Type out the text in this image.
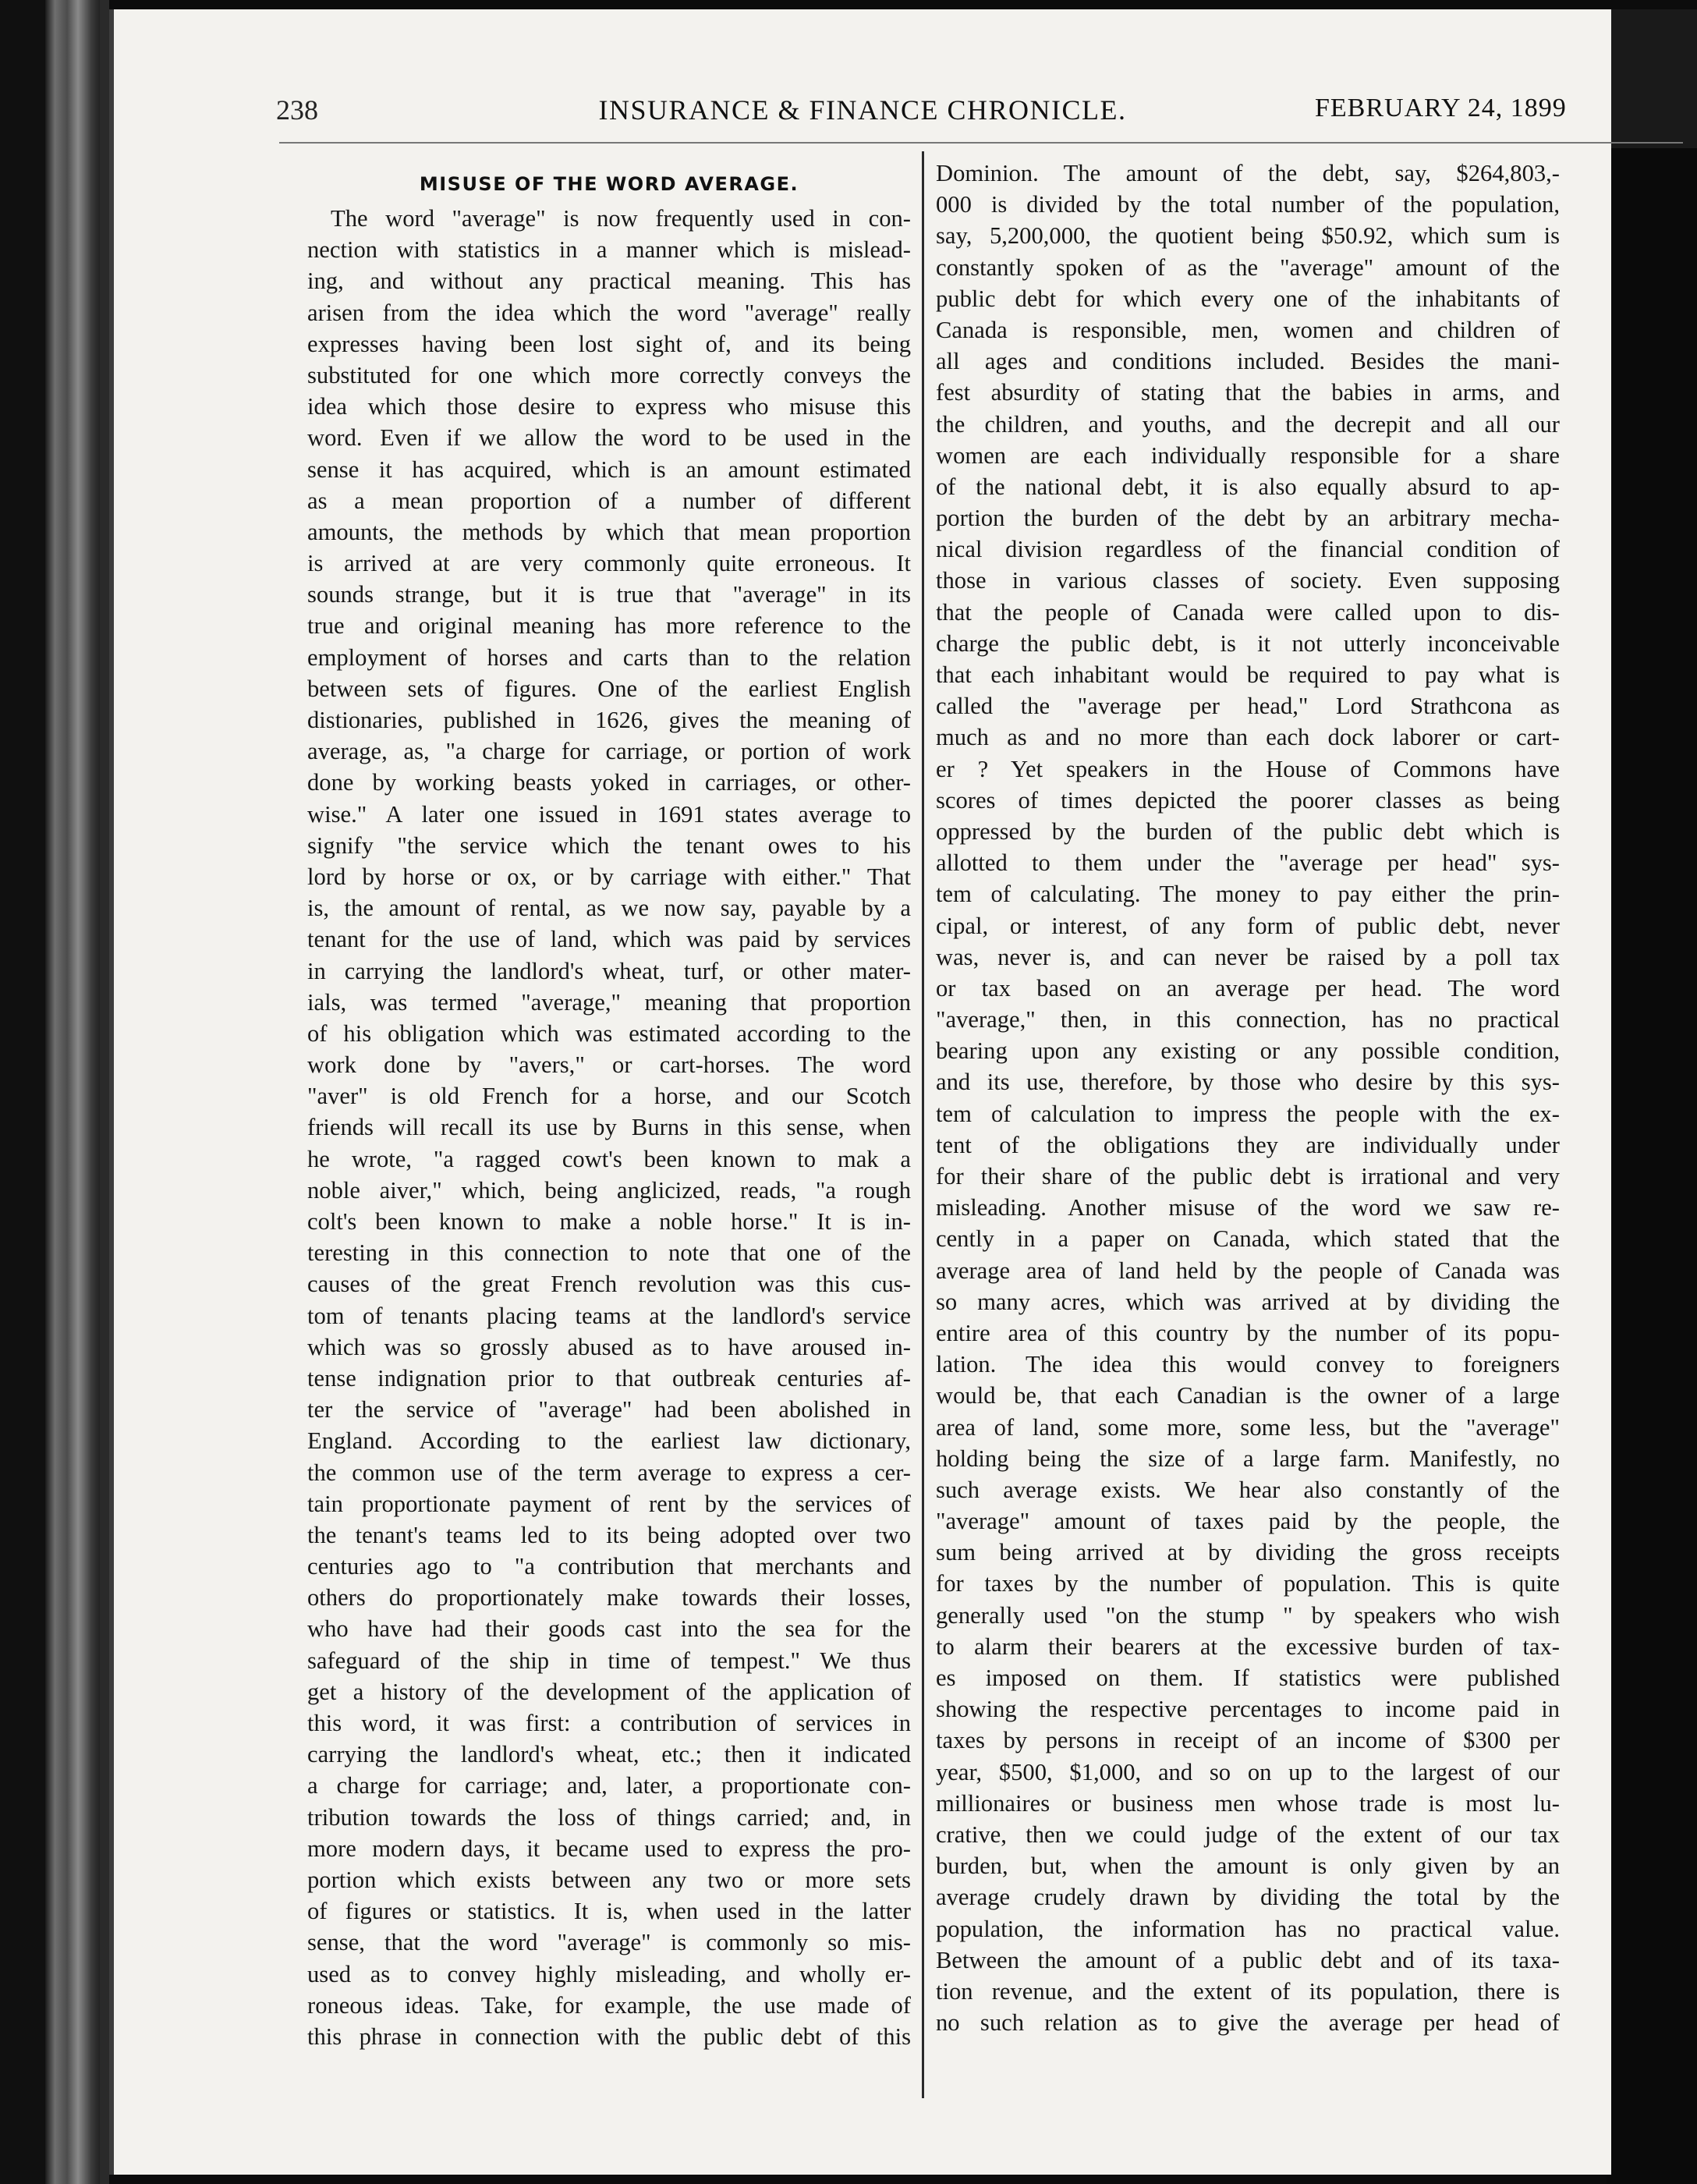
238	INSURANCE & FINANCE CHRONICLE.	FEBRUARY 24, 1899
MISUSE OF THE WORD AVERAGE.
The word "average" is now frequently used in con-
nection with statistics in a manner which is mislead-
ing, and without any practical meaning. This has
arisen from the idea which the word "average" really
expresses having been lost sight of, and its being
substituted for one which more correctly conveys the
idea which those desire to express who misuse this
word. Even if we allow the word to be used in the
sense it has acquired, which is an amount estimated
as a mean proportion of a number of different
amounts, the methods by which that mean proportion
is arrived at are very commonly quite erroneous. It
sounds strange, but it is true that "average" in its
true and original meaning has more reference to the
employment of horses and carts than to the relation
between sets of figures. One of the earliest English
distionaries, published in 1626, gives the meaning of
average, as, "a charge for carriage, or portion of work
done by working beasts yoked in carriages, or other-
wise." A later one issued in 1691 states average to
signify "the service which the tenant owes to his
lord by horse or ox, or by carriage with either." That
is, the amount of rental, as we now say, payable by a
tenant for the use of land, which was paid by services
in carrying the landlord's wheat, turf, or other mater-
ials, was termed "average," meaning that proportion
of his obligation which was estimated according to the
work done by "avers," or cart-horses. The word
"aver" is old French for a horse, and our Scotch
friends will recall its use by Burns in this sense, when
he wrote, "a ragged cowt's been known to mak a
noble aiver," which, being anglicized, reads, "a rough
colt's been known to make a noble horse." It is in-
teresting in this connection to note that one of the
causes of the great French revolution was this cus-
tom of tenants placing teams at the landlord's service
which was so grossly abused as to have aroused in-
tense indignation prior to that outbreak centuries af-
ter the service of "average" had been abolished in
England. According to the earliest law dictionary,
the common use of the term average to express a cer-
tain proportionate payment of rent by the services of
the tenant's teams led to its being adopted over two
centuries ago to "a contribution that merchants and
others do proportionately make towards their losses,
who have had their goods cast into the sea for the
safeguard of the ship in time of tempest." We thus
get a history of the development of the application of
this word, it was first: a contribution of services in
carrying the landlord's wheat, etc.; then it indicated
a charge for carriage; and, later, a proportionate con-
tribution towards the loss of things carried; and, in
more modern days, it became used to express the pro-
portion which exists between any two or more sets
of figures or statistics. It is, when used in the latter
sense, that the word "average" is commonly so mis-
used as to convey highly misleading, and wholly er-
roneous ideas. Take, for example, the use made of
this phrase in connection with the public debt of this
Dominion. The amount of the debt, say, $264,803,-
000 is divided by the total number of the population,
say, 5,200,000, the quotient being $50.92, which sum is
constantly spoken of as the "average" amount of the
public debt for which every one of the inhabitants of
Canada is responsible, men, women and children of
all ages and conditions included. Besides the mani-
fest absurdity of stating that the babies in arms, and
the children, and youths, and the decrepit and all our
women are each individually responsible for a share
of the national debt, it is also equally absurd to ap-
portion the burden of the debt by an arbitrary mecha-
nical division regardless of the financial condition of
those in various classes of society. Even supposing
that the people of Canada were called upon to dis-
charge the public debt, is it not utterly inconceivable
that each inhabitant would be required to pay what is
called the "average per head," Lord Strathcona as
much as and no more than each dock laborer or cart-
er ? Yet speakers in the House of Commons have
scores of times depicted the poorer classes as being
oppressed by the burden of the public debt which is
allotted to them under the "average per head" sys-
tem of calculating. The money to pay either the prin-
cipal, or interest, of any form of public debt, never
was, never is, and can never be raised by a poll tax
or tax based on an average per head. The word
"average," then, in this connection, has no practical
bearing upon any existing or any possible condition,
and its use, therefore, by those who desire by this sys-
tem of calculation to impress the people with the ex-
tent of the obligations they are individually under
for their share of the public debt is irrational and very
misleading. Another misuse of the word we saw re-
cently in a paper on Canada, which stated that the
average area of land held by the people of Canada was
so many acres, which was arrived at by dividing the
entire area of this country by the number of its popu-
lation. The idea this would convey to foreigners
would be, that each Canadian is the owner of a large
area of land, some more, some less, but the "average"
holding being the size of a large farm. Manifestly, no
such average exists. We hear also constantly of the
"average" amount of taxes paid by the people, the
sum being arrived at by dividing the gross receipts
for taxes by the number of population. This is quite
generally used "on the stump " by speakers who wish
to alarm their bearers at the excessive burden of tax-
es imposed on them. If statistics were published
showing the respective percentages to income paid in
taxes by persons in receipt of an income of $300 per
year, $500, $1,000, and so on up to the largest of our
millionaires or business men whose trade is most lu-
crative, then we could judge of the extent of our tax
burden, but, when the amount is only given by an
average crudely drawn by dividing the total by the
population, the information has no practical value.
Between the amount of a public debt and of its taxa-
tion revenue, and the extent of its population, there is
no such relation as to give the average per head of
